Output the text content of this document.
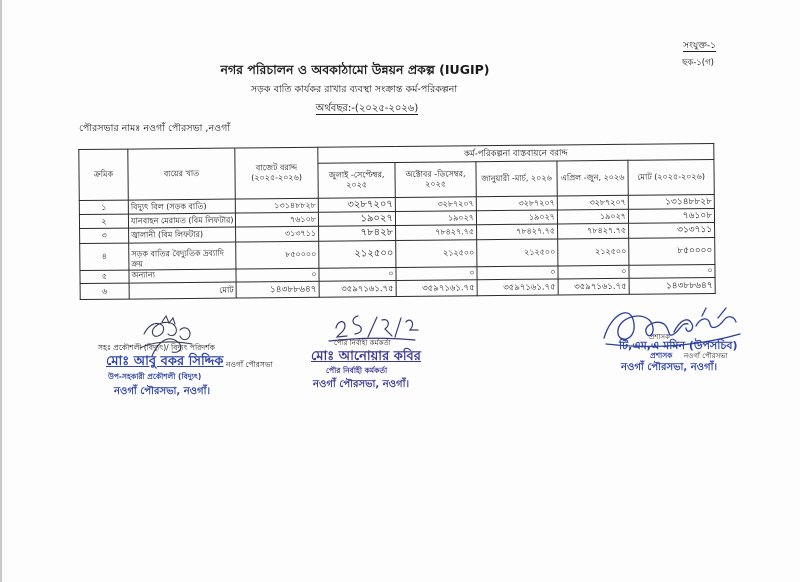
সংযুক্ত-১
ছক-১(গ)
নগর পরিচালন ও অবকাঠামো উন্নয়ন প্রকল্প (IUGIP)
সড়ক বাতি কার্যকর রাখার ব্যবস্থা সংক্রান্ত কর্ম-পরিকল্পনা
অর্থবছর:-(২০২৫-২০২৬)
পৌরসভার নামঃ নওগাঁ পৌরসভা ,নওগাঁ
ক্রমিক	ব্যয়ের খাত	বাজেট বরাদ্দ (২০২৫-২০২৬)	কর্ম-পরিকল্পনা বাস্তবায়নে বরাদ্দ				
			জুলাই -সেপ্টেম্বর, ২০২৫	অক্টোবর -ডিসেম্বর, ২০২৫	জানুয়ারী -মার্চ, ২০২৬	এপ্রিল -জুন, ২০২৬	মোট (২০২৫-২০২৬)
১	বিদ্যুৎ বিল (সড়ক বাতি)	১৩১৪৮৮২৮	৩২৮৭২০৭	৩২৮৭২০৭	৩২৮৭২০৭	৩২৮৭২০৭	১৩১৪৮৮২৮
২	যানবাহন মেরামত (বিম লিফটার)	৭৬১০৮	১৯০২৭	১৯০২৭	১৯০২৭	১৯০২৭	৭৬১০৮
৩	জ্বালানী (বিম লিফটার)	৩১৩৭১১	৭৮৪২৮	৭৮৪২৭.৭৫	৭৮৪২৭.৭৫	৭৮৪২৭.৭৫	৩১৩৭১১
৪	সড়ক বাতির বৈদ্যুতিক দ্রব্যাদি ক্রয়	৮৫০০০০	২১২৫০০	২১২৫০০	২১২৫০০	২১২৫০০	৮৫০০০০
৫	অন্যান্য	০	০	০	০	০	০
৬	মোট	১৪৩৮৮৬৪৭	৩৫৯৭১৬১.৭৫	৩৫৯৭১৬১.৭৫	৩৫৯৭১৬১.৭৫	৩৫৯৭১৬১.৭৫	১৪৩৮৮৬৪৭
সহঃ প্রকৌশলী (বিদ্যুৎ)/ বিদ্যুৎ পরিদর্শক
নওগাঁ পৌরসভা
মোঃ আবু বকর সিদ্দিক
উপ-সহকারী প্রকৌশলী (বিদ্যুৎ)
নওগাঁ পৌরসভা, নওগাঁ।
পৌর নির্বাহী কর্মকর্তা
মোঃ আনোয়ার কবির
পৌর নির্বাহী কর্মকর্তা
নওগাঁ পৌরসভা, নওগাঁ।
প্রশাসক
টি,এম,এ মমিন (উপসচিব)
প্রশাসক নওগাঁ পৌরসভা
নওগাঁ পৌরসভা, নওগাঁ।
